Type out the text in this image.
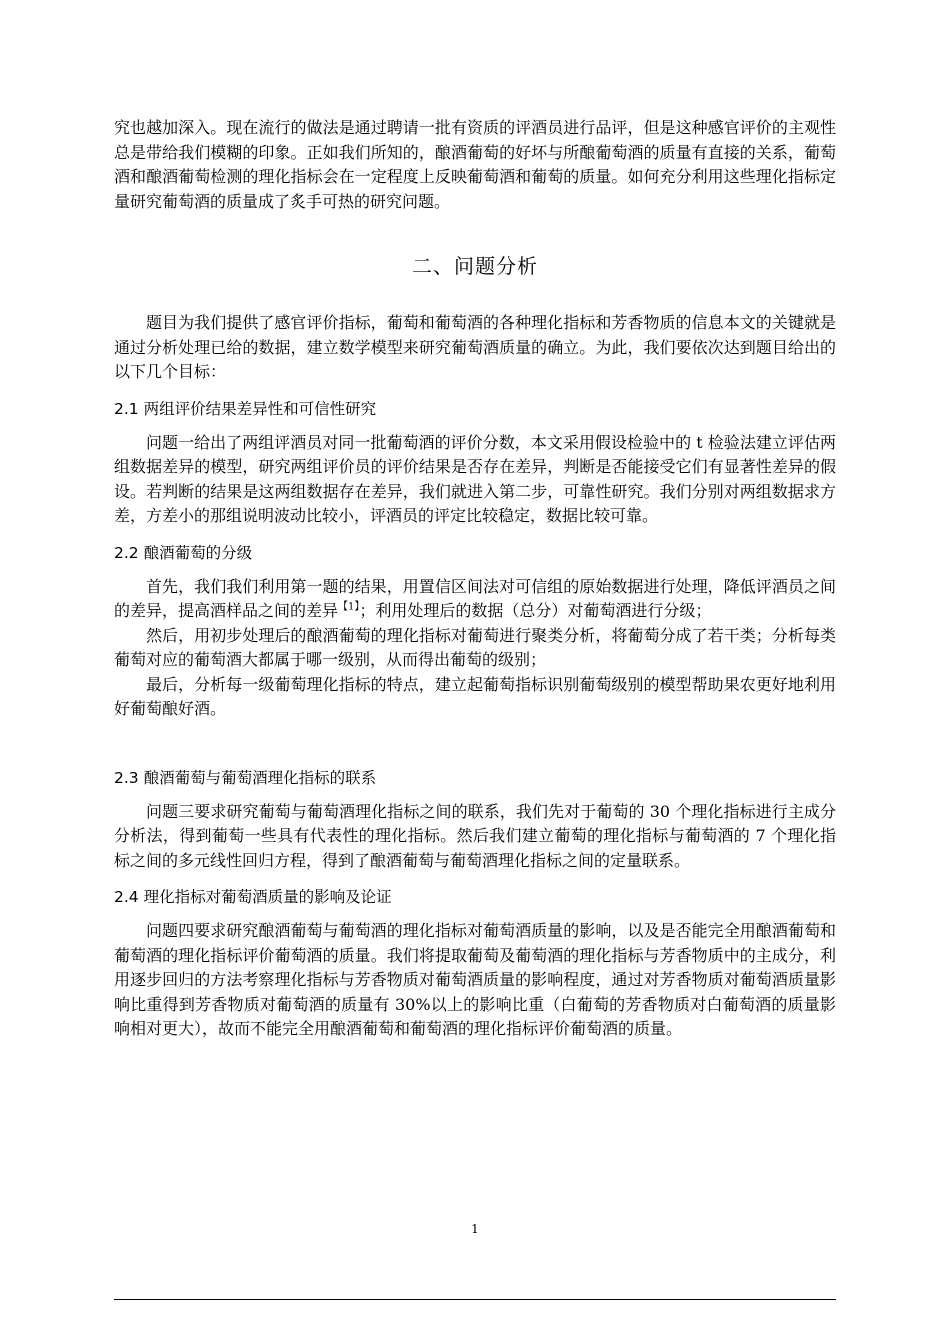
究也越加深入。现在流行的做法是通过聘请一批有资质的评酒员进行品评，但是这种感官评价的主观性总是带给我们模糊的印象。正如我们所知的，酿酒葡萄的好坏与所酿葡萄酒的质量有直接的关系，葡萄酒和酿酒葡萄检测的理化指标会在一定程度上反映葡萄酒和葡萄的质量。如何充分利用这些理化指标定量研究葡萄酒的质量成了炙手可热的研究问题。

二、问题分析

题目为我们提供了感官评价指标，葡萄和葡萄酒的各种理化指标和芳香物质的信息本文的关键就是通过分析处理已给的数据，建立数学模型来研究葡萄酒质量的确立。为此，我们要依次达到题目给出的以下几个目标：

2.1 两组评价结果差异性和可信性研究

问题一给出了两组评酒员对同一批葡萄酒的评价分数，本文采用假设检验中的 t 检验法建立评估两组数据差异的模型，研究两组评价员的评价结果是否存在差异，判断是否能接受它们有显著性差异的假设。若判断的结果是这两组数据存在差异，我们就进入第二步，可靠性研究。我们分别对两组数据求方差，方差小的那组说明波动比较小，评酒员的评定比较稳定，数据比较可靠。

2.2 酿酒葡萄的分级

首先，我们我们利用第一题的结果，用置信区间法对可信组的原始数据进行处理，降低评酒员之间的差异，提高酒样品之间的差异$^{【1】}$；利用处理后的数据（总分）对葡萄酒进行分级；

然后，用初步处理后的酿酒葡萄的理化指标对葡萄进行聚类分析，将葡萄分成了若干类；分析每类葡萄对应的葡萄酒大都属于哪一级别，从而得出葡萄的级别；

最后，分析每一级葡萄理化指标的特点，建立起葡萄指标识别葡萄级别的模型帮助果农更好地利用好葡萄酿好酒。

2.3 酿酒葡萄与葡萄酒理化指标的联系

问题三要求研究葡萄与葡萄酒理化指标之间的联系，我们先对于葡萄的 30 个理化指标进行主成分分析法，得到葡萄一些具有代表性的理化指标。然后我们建立葡萄的理化指标与葡萄酒的 7 个理化指标之间的多元线性回归方程，得到了酿酒葡萄与葡萄酒理化指标之间的定量联系。

2.4 理化指标对葡萄酒质量的影响及论证

问题四要求研究酿酒葡萄与葡萄酒的理化指标对葡萄酒质量的影响，以及是否能完全用酿酒葡萄和葡萄酒的理化指标评价葡萄酒的质量。我们将提取葡萄及葡萄酒的理化指标与芳香物质中的主成分，利用逐步回归的方法考察理化指标与芳香物质对葡萄酒质量的影响程度，通过对芳香物质对葡萄酒质量影响比重得到芳香物质对葡萄酒的质量有 30%以上的影响比重（白葡萄的芳香物质对白葡萄酒的质量影响相对更大），故而不能完全用酿酒葡萄和葡萄酒的理化指标评价葡萄酒的质量。

1
